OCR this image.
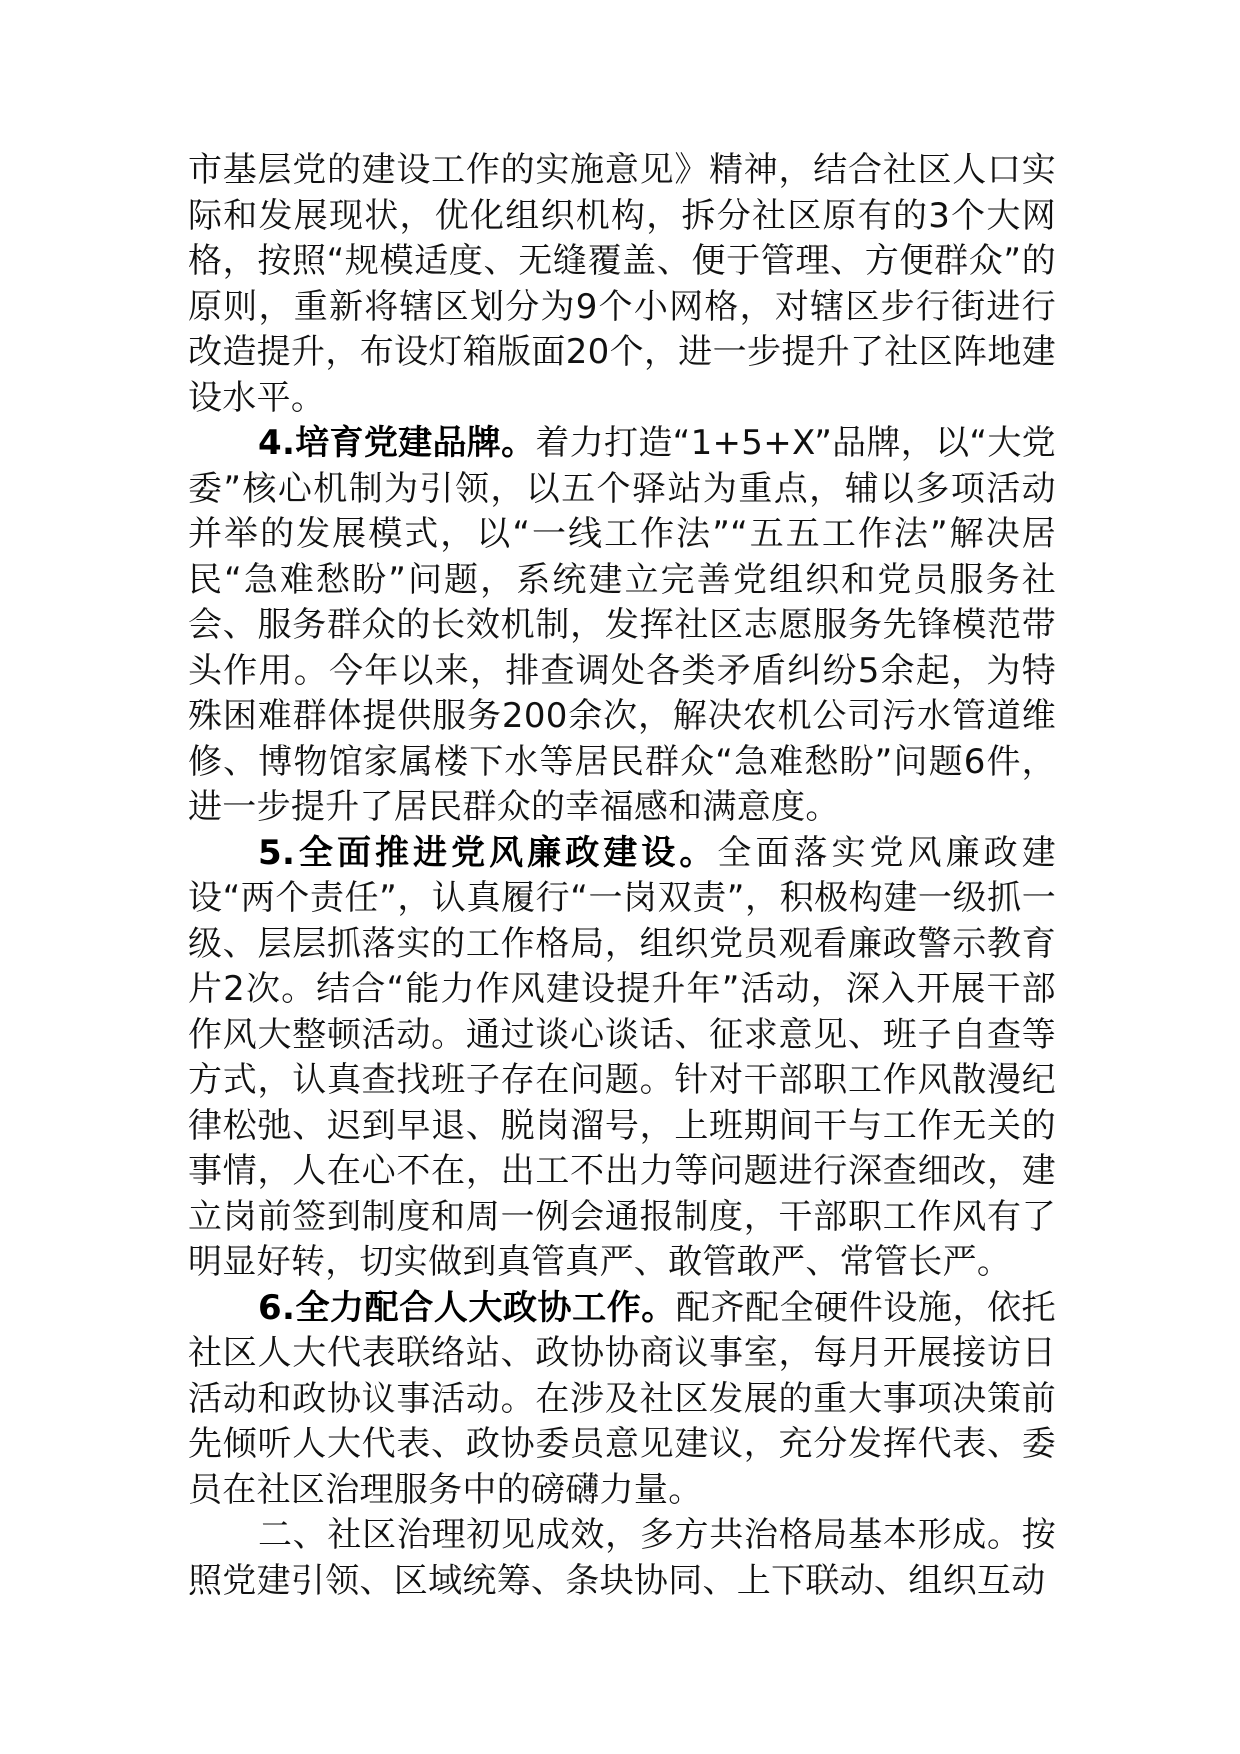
市基层党的建设工作的实施意见》精神，结合社区人口实际和发展现状，优化组织机构，拆分社区原有的3个大网格，按照“规模适度、无缝覆盖、便于管理、方便群众”的原则，重新将辖区划分为9个小网格，对辖区步行街进行改造提升，布设灯箱版面20个，进一步提升了社区阵地建设水平。

4.培育党建品牌。着力打造“1+5+X”品牌，以“大党委”核心机制为引领，以五个驿站为重点，辅以多项活动并举的发展模式，以“一线工作法”“五五工作法”解决居民“急难愁盼”问题，系统建立完善党组织和党员服务社会、服务群众的长效机制，发挥社区志愿服务先锋模范带头作用。今年以来，排查调处各类矛盾纠纷5余起，为特殊困难群体提供服务200余次，解决农机公司污水管道维修、博物馆家属楼下水等居民群众“急难愁盼”问题6件，进一步提升了居民群众的幸福感和满意度。

5.全面推进党风廉政建设。全面落实党风廉政建设“两个责任”，认真履行“一岗双责”，积极构建一级抓一级、层层抓落实的工作格局，组织党员观看廉政警示教育片2次。结合“能力作风建设提升年”活动，深入开展干部作风大整顿活动。通过谈心谈话、征求意见、班子自查等方式，认真查找班子存在问题。针对干部职工作风散漫纪律松弛、迟到早退、脱岗溜号，上班期间干与工作无关的事情，人在心不在，出工不出力等问题进行深查细改，建立岗前签到制度和周一例会通报制度，干部职工作风有了明显好转，切实做到真管真严、敢管敢严、常管长严。

6.全力配合人大政协工作。配齐配全硬件设施，依托社区人大代表联络站、政协协商议事室，每月开展接访日活动和政协议事活动。在涉及社区发展的重大事项决策前先倾听人大代表、政协委员意见建议，充分发挥代表、委员在社区治理服务中的磅礴力量。

二、社区治理初见成效，多方共治格局基本形成。按照党建引领、区域统筹、条块协同、上下联动、组织互动
